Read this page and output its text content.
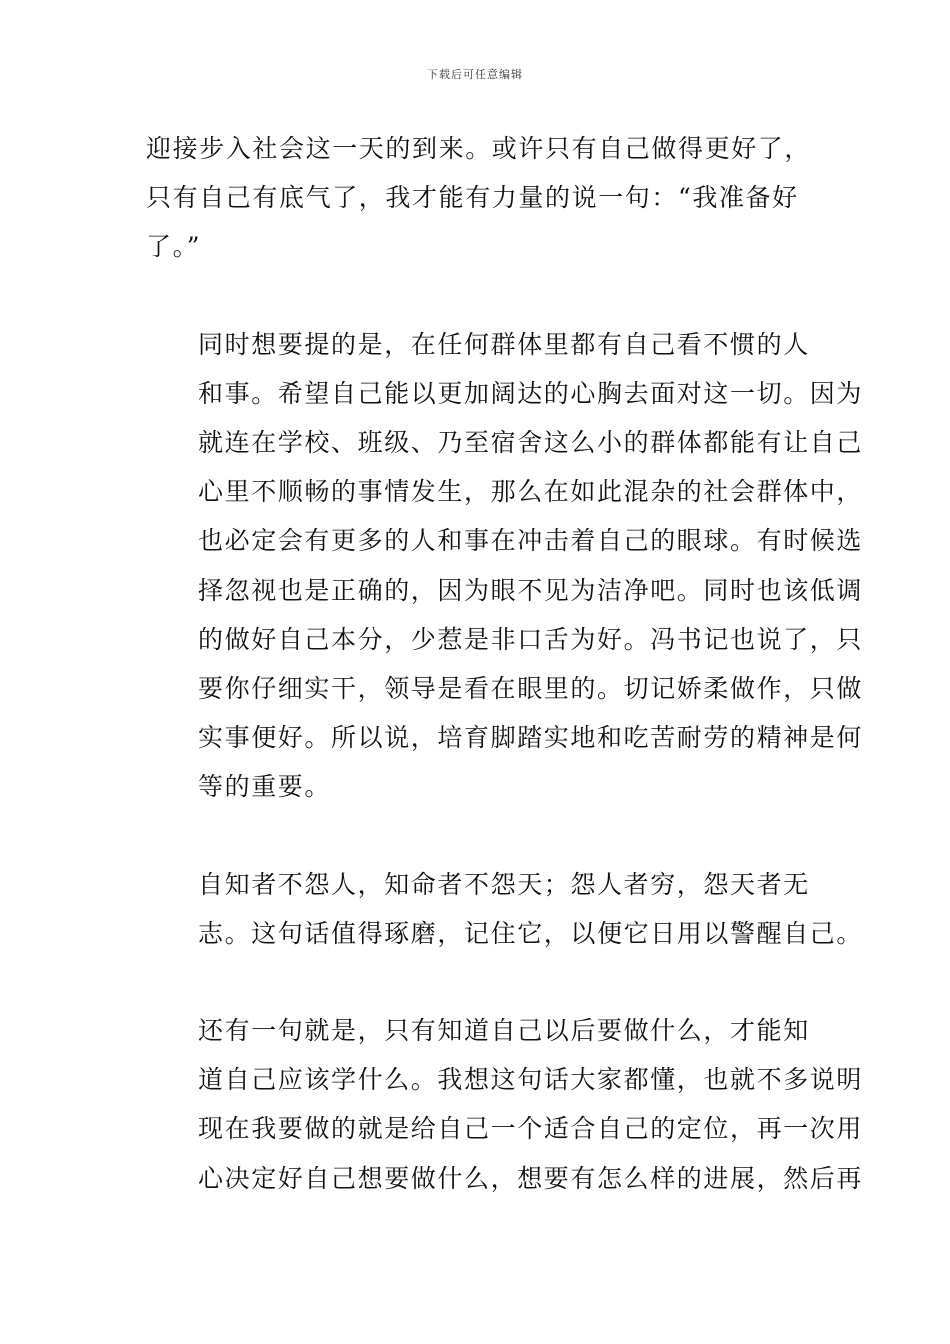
下载后可任意编辑

迎接步入社会这一天的到来。或许只有自己做得更好了，
只有自己有底气了，我才能有力量的说一句：“我准备好
了。”

同时想要提的是，在任何群体里都有自己看不惯的人
和事。希望自己能以更加阔达的心胸去面对这一切。因为
就连在学校、班级、乃至宿舍这么小的群体都能有让自己
心里不顺畅的事情发生，那么在如此混杂的社会群体中，
也必定会有更多的人和事在冲击着自己的眼球。有时候选
择忽视也是正确的，因为眼不见为洁净吧。同时也该低调
的做好自己本分，少惹是非口舌为好。冯书记也说了，只
要你仔细实干，领导是看在眼里的。切记娇柔做作，只做
实事便好。所以说，培育脚踏实地和吃苦耐劳的精神是何
等的重要。

自知者不怨人，知命者不怨天；怨人者穷，怨天者无
志。这句话值得琢磨，记住它，以便它日用以警醒自己。

还有一句就是，只有知道自己以后要做什么，才能知
道自己应该学什么。我想这句话大家都懂，也就不多说明
现在我要做的就是给自己一个适合自己的定位，再一次用
心决定好自己想要做什么，想要有怎么样的进展，然后再
